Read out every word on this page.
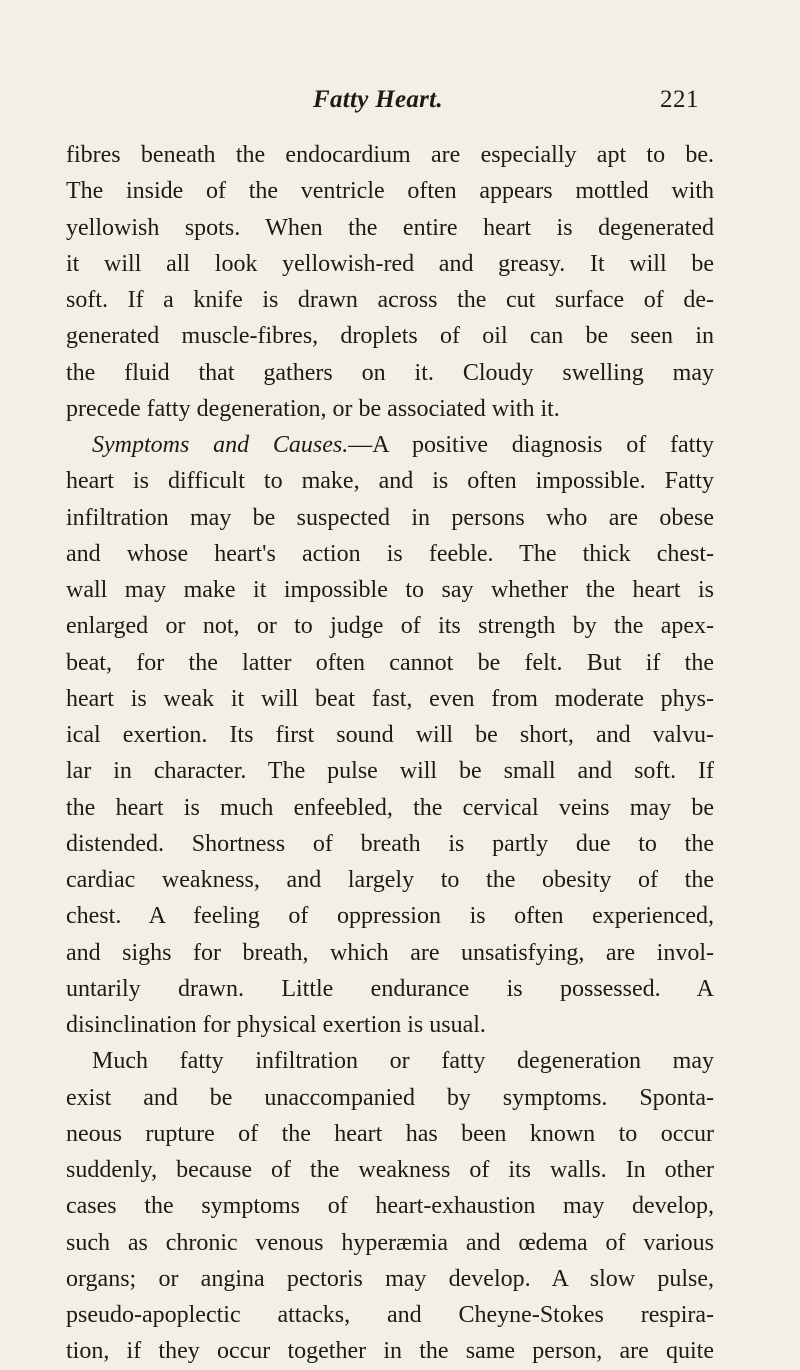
Fatty Heart.	221
fibres beneath the endocardium are especially apt to be.
The inside of the ventricle often appears mottled with
yellowish spots. When the entire heart is degenerated
it will all look yellowish-red and greasy. It will be
soft. If a knife is drawn across the cut surface of de-
generated muscle-fibres, droplets of oil can be seen in
the fluid that gathers on it. Cloudy swelling may
precede fatty degeneration, or be associated with it.
Symptoms and Causes.—A positive diagnosis of fatty
heart is difficult to make, and is often impossible. Fatty
infiltration may be suspected in persons who are obese
and whose heart's action is feeble. The thick chest-
wall may make it impossible to say whether the heart is
enlarged or not, or to judge of its strength by the apex-
beat, for the latter often cannot be felt. But if the
heart is weak it will beat fast, even from moderate phys-
ical exertion. Its first sound will be short, and valvu-
lar in character. The pulse will be small and soft. If
the heart is much enfeebled, the cervical veins may be
distended. Shortness of breath is partly due to the
cardiac weakness, and largely to the obesity of the
chest. A feeling of oppression is often experienced,
and sighs for breath, which are unsatisfying, are invol-
untarily drawn. Little endurance is possessed. A
disinclination for physical exertion is usual.
Much fatty infiltration or fatty degeneration may
exist and be unaccompanied by symptoms. Sponta-
neous rupture of the heart has been known to occur
suddenly, because of the weakness of its walls. In other
cases the symptoms of heart-exhaustion may develop,
such as chronic venous hyperæmia and œdema of various
organs; or angina pectoris may develop. A slow pulse,
pseudo-apoplectic attacks, and Cheyne-Stokes respira-
tion, if they occur together in the same person, are quite
